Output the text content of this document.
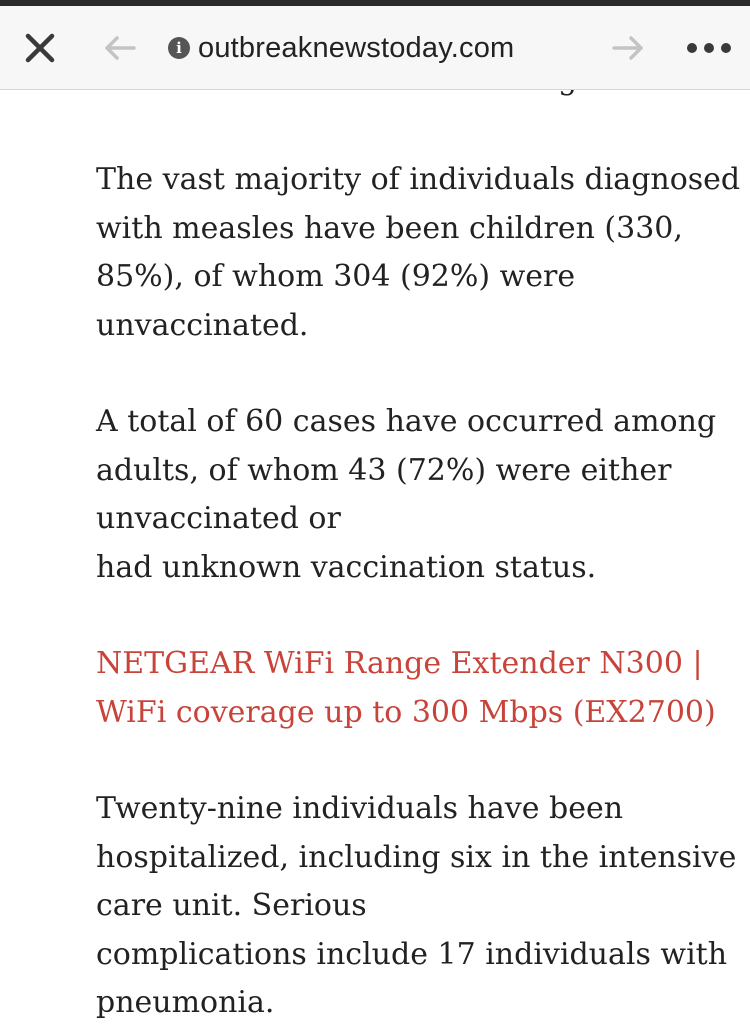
The vast majority of individuals diagnosed
with measles have been children (330,
85%), of whom 304 (92%) were
unvaccinated.

A total of 60 cases have occurred among
adults, of whom 43 (72%) were either
unvaccinated or
had unknown vaccination status.

NETGEAR WiFi Range Extender N300 |
WiFi coverage up to 300 Mbps (EX2700)

Twenty-nine individuals have been
hospitalized, including six in the intensive
care unit. Serious
complications include 17 individuals with
pneumonia.

i outbreaknewstoday.com
